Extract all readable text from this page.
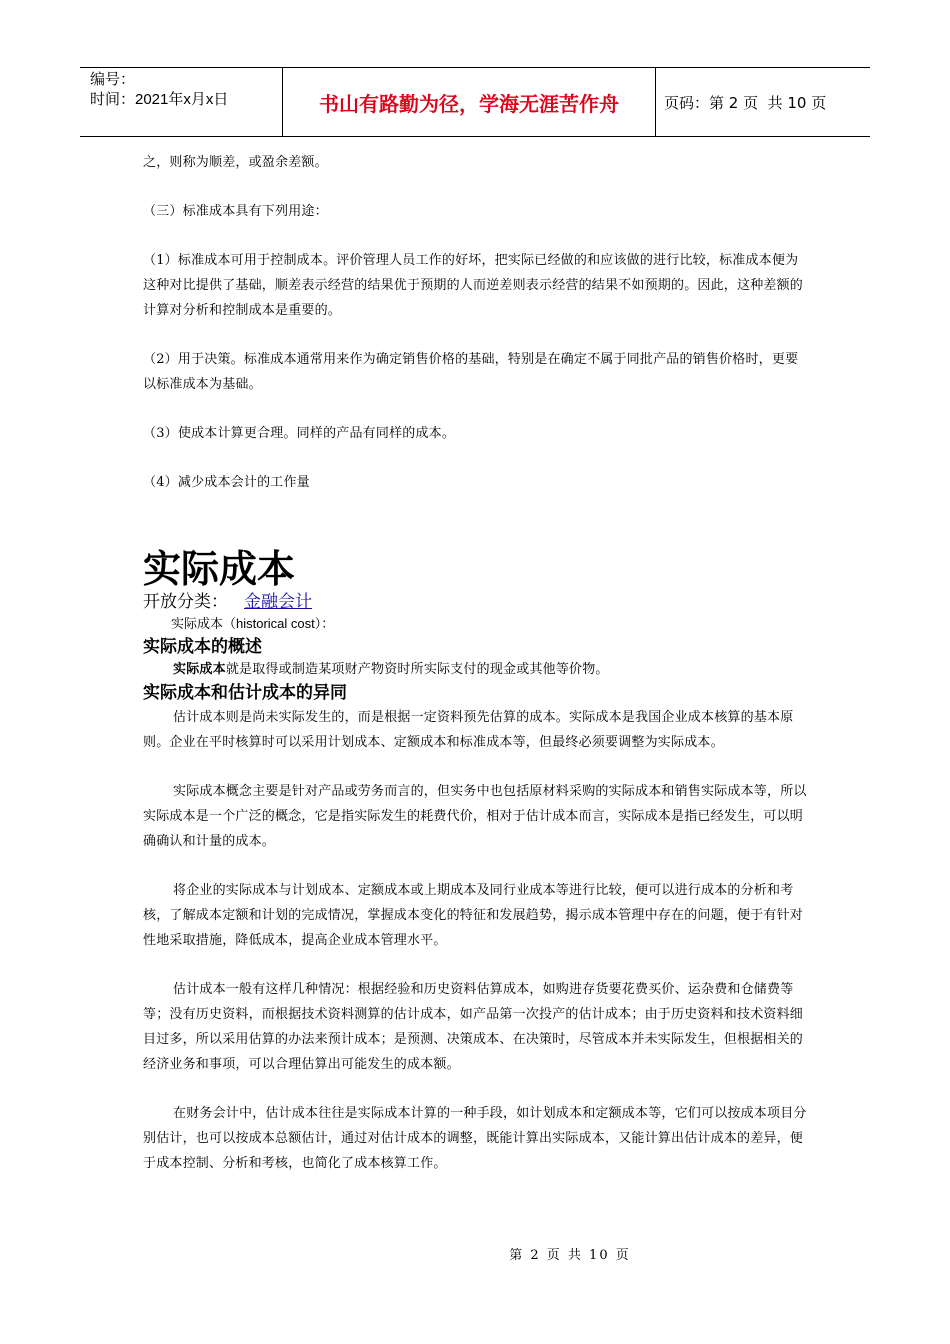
编号：
时间：2021年x月x日	书山有路勤为径，学海无涯苦作舟	页码：第 2 页  共 10 页

之，则称为顺差，或盈余差额。

（三）标准成本具有下列用途：

（1）标准成本可用于控制成本。评价管理人员工作的好坏，把实际已经做的和应该做的进行比较，标准成本便为这种对比提供了基础，顺差表示经营的结果优于预期的人而逆差则表示经营的结果不如预期的。因此，这种差额的计算对分析和控制成本是重要的。

（2）用于决策。标准成本通常用来作为确定销售价格的基础，特别是在确定不属于同批产品的销售价格时，更要以标准成本为基础。

（3）使成本计算更合理。同样的产品有同样的成本。

（4）减少成本会计的工作量

实际成本

开放分类： 金融会计

实际成本（historical cost）：

实际成本的概述

实际成本就是取得或制造某项财产物资时所实际支付的现金或其他等价物。

实际成本和估计成本的异同

估计成本则是尚未实际发生的，而是根据一定资料预先估算的成本。实际成本是我国企业成本核算的基本原则。企业在平时核算时可以采用计划成本、定额成本和标准成本等，但最终必须要调整为实际成本。

实际成本概念主要是针对产品或劳务而言的，但实务中也包括原材料采购的实际成本和销售实际成本等，所以实际成本是一个广泛的概念，它是指实际发生的耗费代价，相对于估计成本而言，实际成本是指已经发生，可以明确确认和计量的成本。

将企业的实际成本与计划成本、定额成本或上期成本及同行业成本等进行比较，便可以进行成本的分析和考核，了解成本定额和计划的完成情况，掌握成本变化的特征和发展趋势，揭示成本管理中存在的问题，便于有针对性地采取措施，降低成本，提高企业成本管理水平。

估计成本一般有这样几种情况：根据经验和历史资料估算成本，如购进存货要花费买价、运杂费和仓储费等等；没有历史资料，而根据技术资料测算的估计成本，如产品第一次投产的估计成本；由于历史资料和技术资料细目过多，所以采用估算的办法来预计成本；是预测、决策成本、在决策时，尽管成本并未实际发生，但根据相关的经济业务和事项，可以合理估算出可能发生的成本额。

在财务会计中，估计成本往往是实际成本计算的一种手段，如计划成本和定额成本等，它们可以按成本项目分别估计，也可以按成本总额估计，通过对估计成本的调整，既能计算出实际成本，又能计算出估计成本的差异，便于成本控制、分析和考核，也简化了成本核算工作。

第 2 页 共 10 页
